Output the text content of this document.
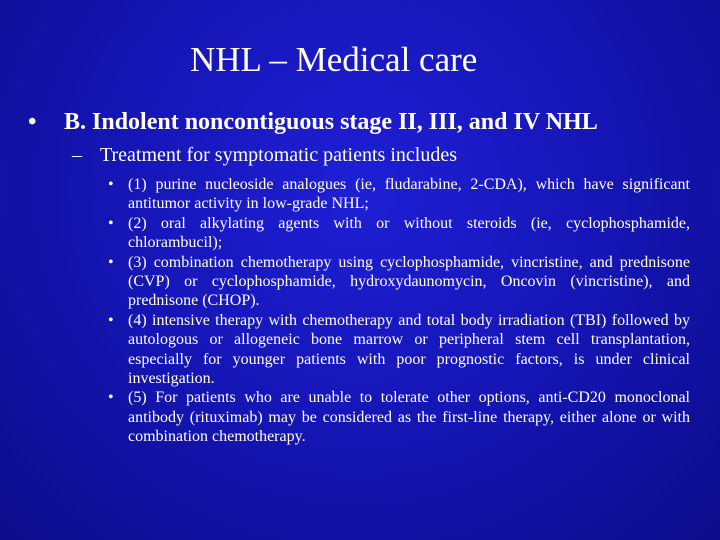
NHL – Medical care
• B. Indolent noncontiguous stage II, III, and IV NHL
– Treatment for symptomatic patients includes
• (1) purine nucleoside analogues (ie, fludarabine, 2-CDA), which have significant antitumor activity in low-grade NHL;
• (2) oral alkylating agents with or without steroids (ie, cyclophosphamide, chlorambucil);
• (3) combination chemotherapy using cyclophosphamide, vincristine, and prednisone (CVP) or cyclophosphamide, hydroxydaunomycin, Oncovin (vincristine), and prednisone (CHOP).
• (4) intensive therapy with chemotherapy and total body irradiation (TBI) followed by autologous or allogeneic bone marrow or peripheral stem cell transplantation, especially for younger patients with poor prognostic factors, is under clinical investigation.
• (5) For patients who are unable to tolerate other options, anti-CD20 monoclonal antibody (rituximab) may be considered as the first-line therapy, either alone or with combination chemotherapy.
